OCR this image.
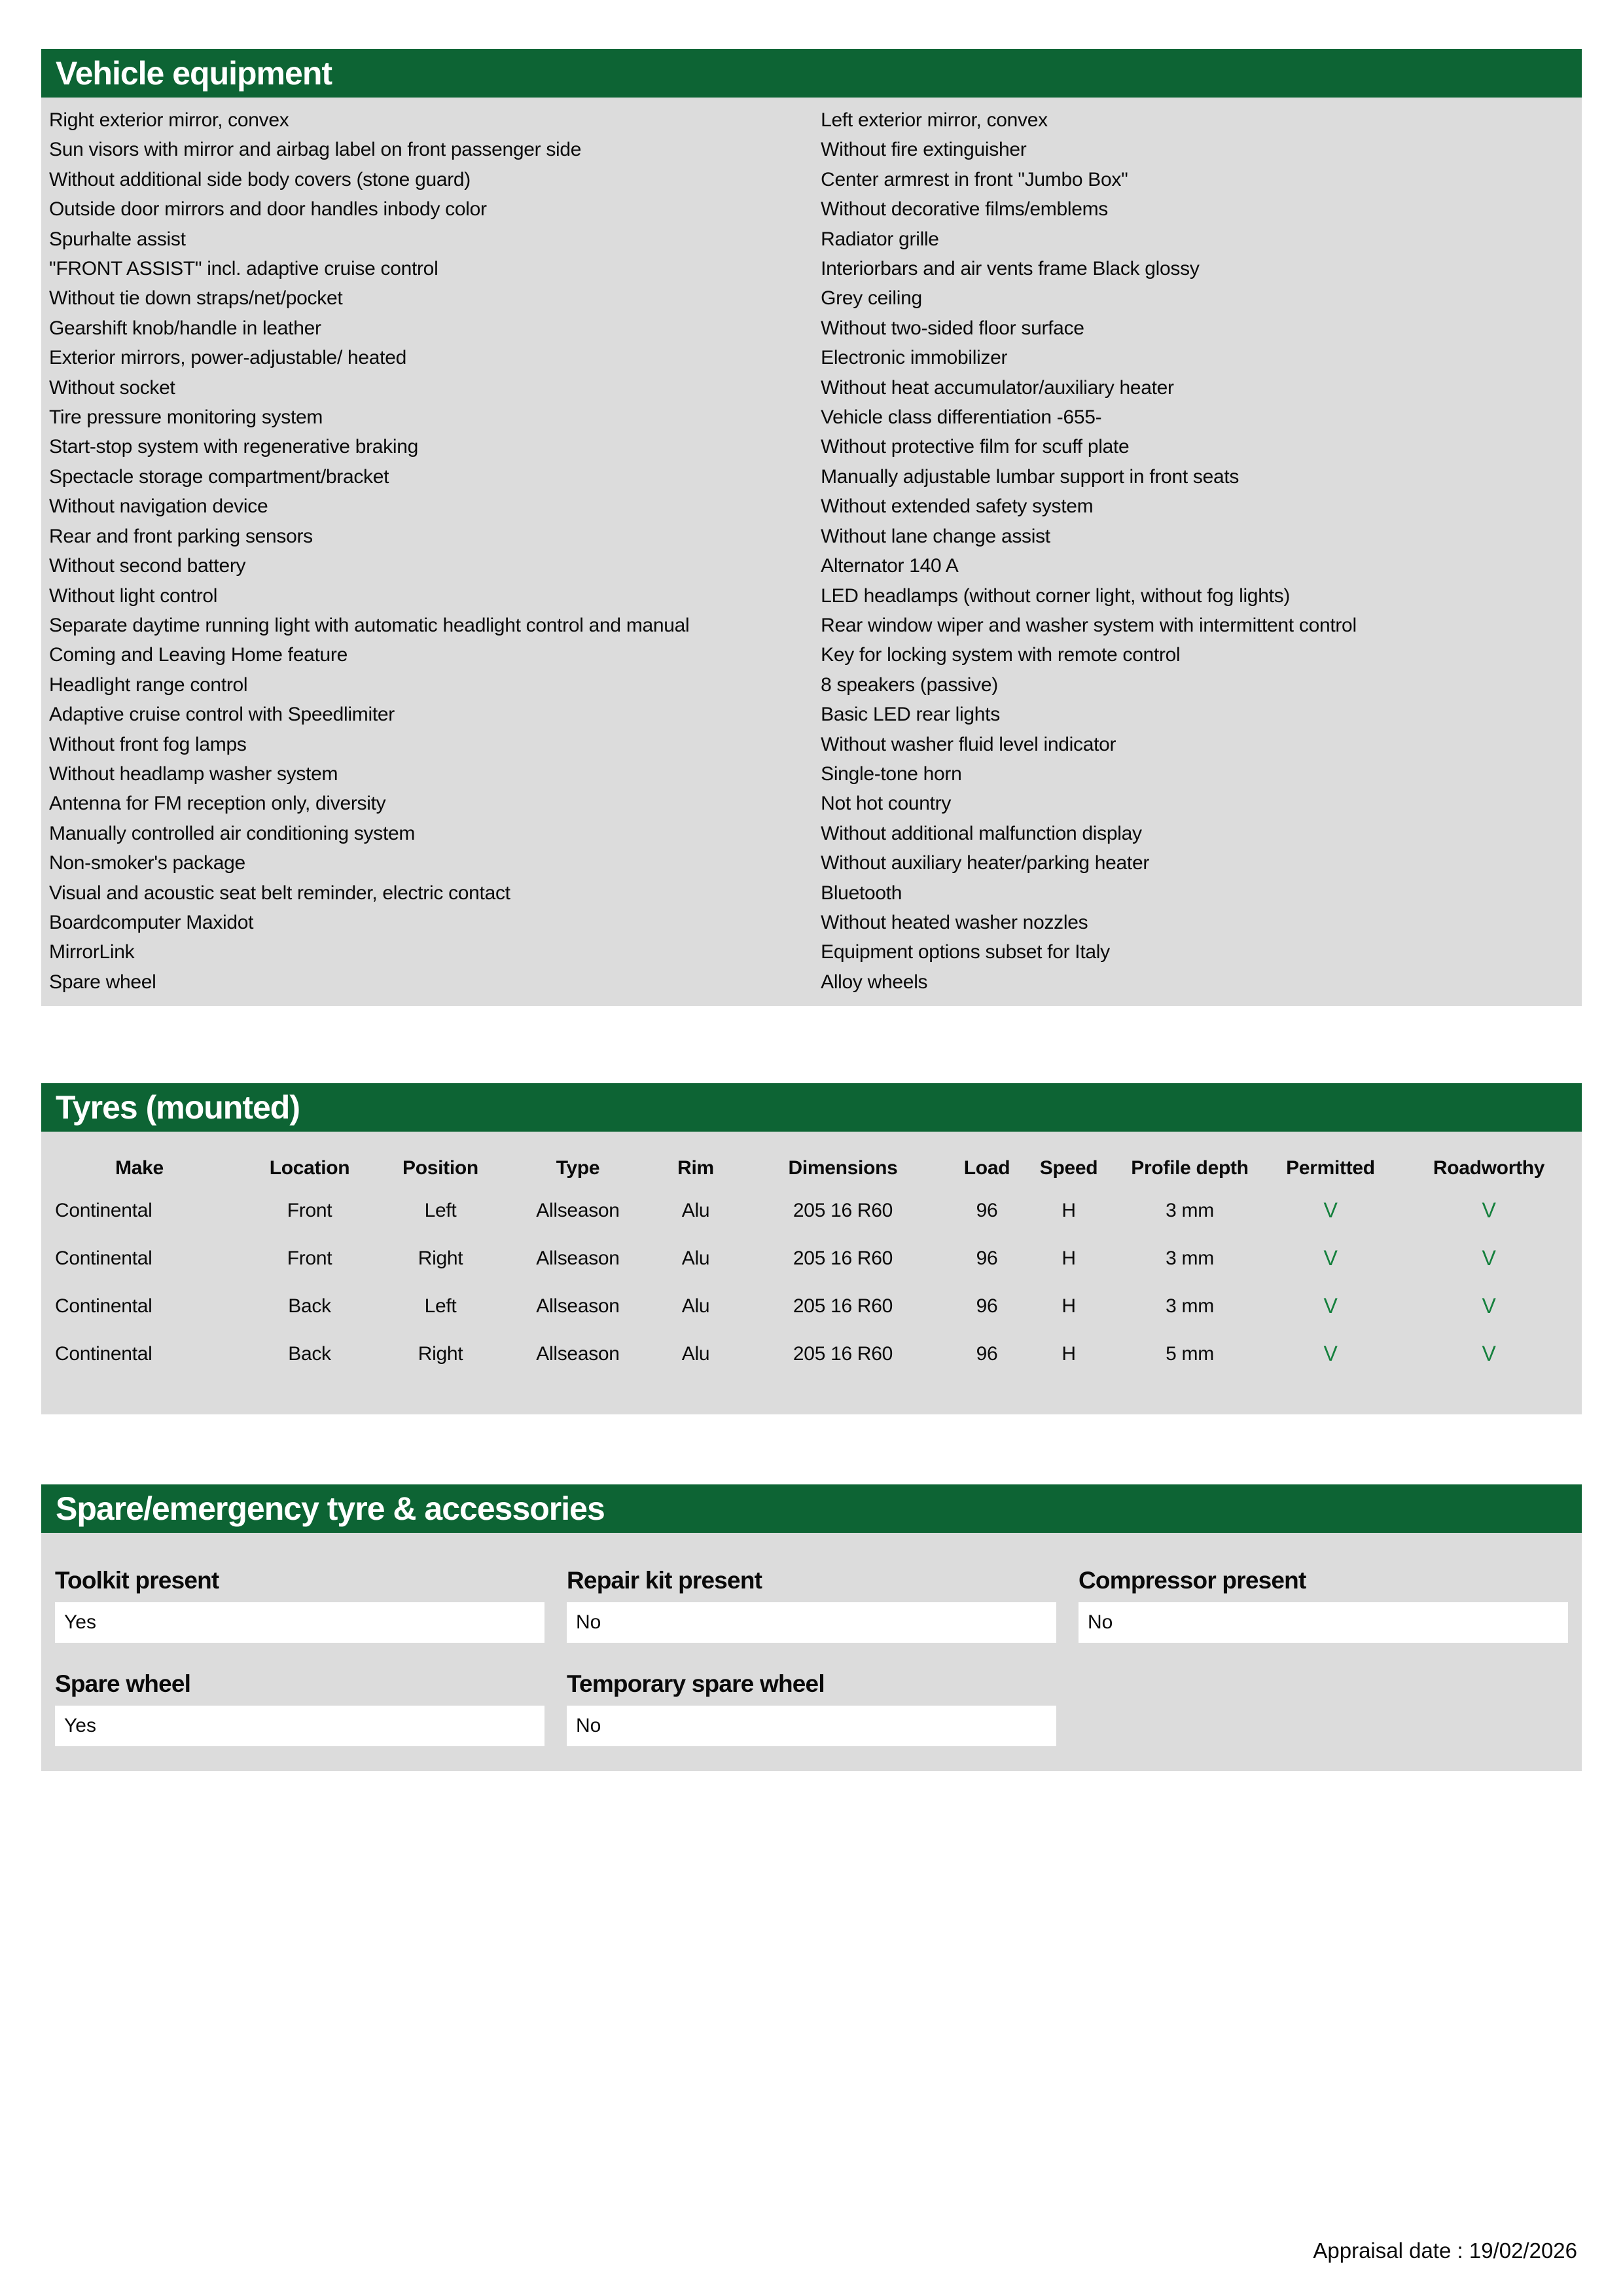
Vehicle equipment
Right exterior mirror, convex
Sun visors with mirror and airbag label on front passenger side
Without additional side body covers (stone guard)
Outside door mirrors and door handles inbody color
Spurhalte assist
"FRONT ASSIST" incl. adaptive cruise control
Without tie down straps/net/pocket
Gearshift knob/handle in leather
Exterior mirrors, power-adjustable/ heated
Without socket
Tire pressure monitoring system
Start-stop system with regenerative braking
Spectacle storage compartment/bracket
Without navigation device
Rear and front parking sensors
Without second battery
Without light control
Separate daytime running light with automatic headlight control and manual
Coming and Leaving Home feature
Headlight range control
Adaptive cruise control with Speedlimiter
Without front fog lamps
Without headlamp washer system
Antenna for FM reception only, diversity
Manually controlled air conditioning system
Non-smoker's package
Visual and acoustic seat belt reminder, electric contact
Boardcomputer Maxidot
MirrorLink
Spare wheel
Left exterior mirror, convex
Without fire extinguisher
Center armrest in front "Jumbo Box"
Without decorative films/emblems
Radiator grille
Interiorbars and air vents frame Black glossy
Grey ceiling
Without two-sided floor surface
Electronic immobilizer
Without heat accumulator/auxiliary heater
Vehicle class differentiation -655-
Without protective film for scuff plate
Manually adjustable lumbar support in front seats
Without extended safety system
Without lane change assist
Alternator 140 A
LED headlamps (without corner light, without fog lights)
Rear window wiper and washer system with intermittent control
Key for locking system with remote control
8 speakers (passive)
Basic LED rear lights
Without washer fluid level indicator
Single-tone horn
Not hot country
Without additional malfunction display
Without auxiliary heater/parking heater
Bluetooth
Without heated washer nozzles
Equipment options subset for Italy
Alloy wheels
Tyres (mounted)
Make	Location	Position	Type	Rim	Dimensions	Load	Speed	Profile depth	Permitted	Roadworthy
Continental	Front	Left	Allseason	Alu	205 16 R60	96	H	3 mm	V	V
Continental	Front	Right	Allseason	Alu	205 16 R60	96	H	3 mm	V	V
Continental	Back	Left	Allseason	Alu	205 16 R60	96	H	3 mm	V	V
Continental	Back	Right	Allseason	Alu	205 16 R60	96	H	5 mm	V	V
Spare/emergency tyre & accessories
Toolkit present
Yes
Repair kit present
No
Compressor present
No
Spare wheel
Yes
Temporary spare wheel
No
Appraisal date : 19/02/2026
